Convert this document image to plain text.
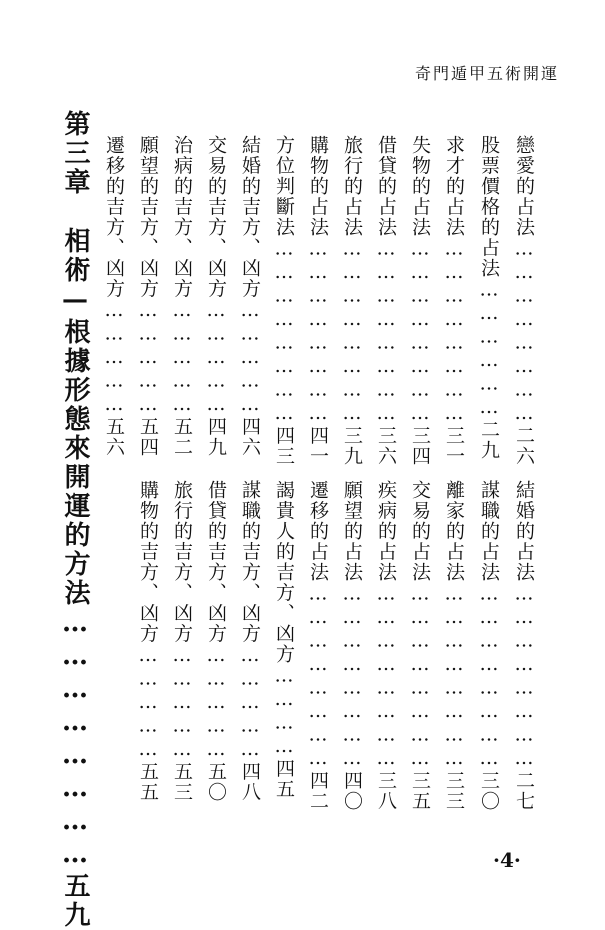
奇門遁甲五術開運
戀愛的占法……………………二六
股票價格的占法………………二九
求才的占法……………………三一
失物的占法……………………三四
借貸的占法……………………三六
旅行的占法……………………三九
購物的占法……………………四一
方位判斷法……………………四三
結婚的吉方、凶方……………四六
交易的吉方、凶方……………四九
治病的吉方、凶方……………五二
願望的吉方、凶方……………五四
遷移的吉方、凶方……………五六
結婚的占法……………………二七
謀職的占法……………………三〇
離家的占法……………………三三
交易的占法……………………三五
疾病的占法……………………三八
願望的占法……………………四〇
遷移的占法……………………四二
謁貴人的吉方、凶方…………四五
謀職的吉方、凶方……………四八
借貸的吉方、凶方……………五〇
旅行的吉方、凶方……………五三
購物的吉方、凶方……………五五
第三章相術—根據形態來開運的方法……………………五九	·4·
